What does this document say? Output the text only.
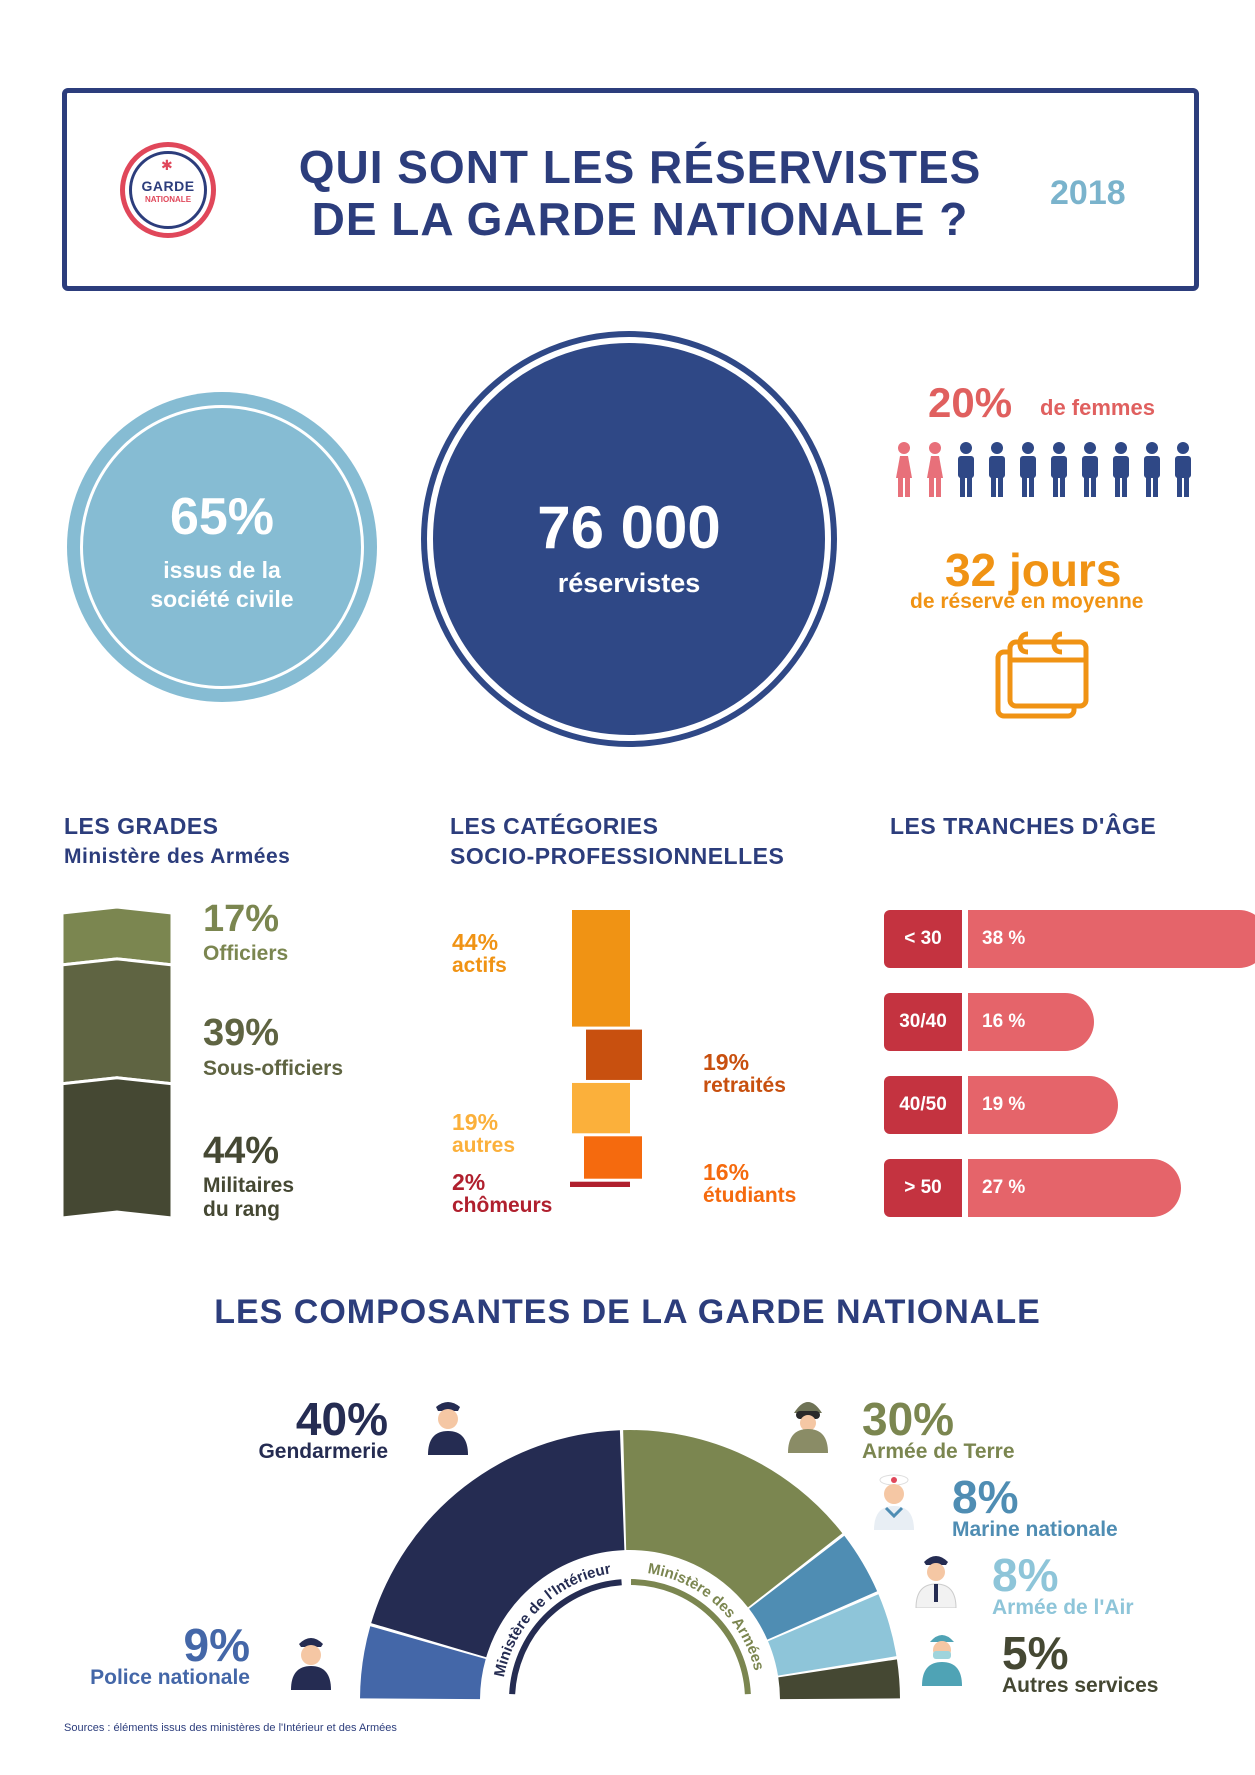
✱
GARDE
NATIONALE
QUI SONT LES RÉSERVISTES
DE LA GARDE NATIONALE ?	2018
65%
issus de la
société civile
76 000
réservistes
20% de femmes
32 jours
de réserve en moyenne
LES GRADES
Ministère des Armées
LES CATÉGORIES
SOCIO-PROFESSIONNELLES
LES TRANCHES D'ÂGE
17%
Officiers
39%
Sous-officiers
44%
Militaires
du rang
44%
actifs
19%
retraités
19%
autres
16%
étudiants
2%
chômeurs
< 30	38 %
30/40	16 %
40/50	19 %
> 50	27 %
LES COMPOSANTES DE LA GARDE NATIONALE
Ministère de l'Intérieur Ministère des Armées
40%
Gendarmerie
9%
Police nationale
30%
Armée de Terre
8%
Marine nationale
8%
Armée de l'Air
5%
Autres services
Sources : éléments issus des ministères de l'Intérieur et des Armées
